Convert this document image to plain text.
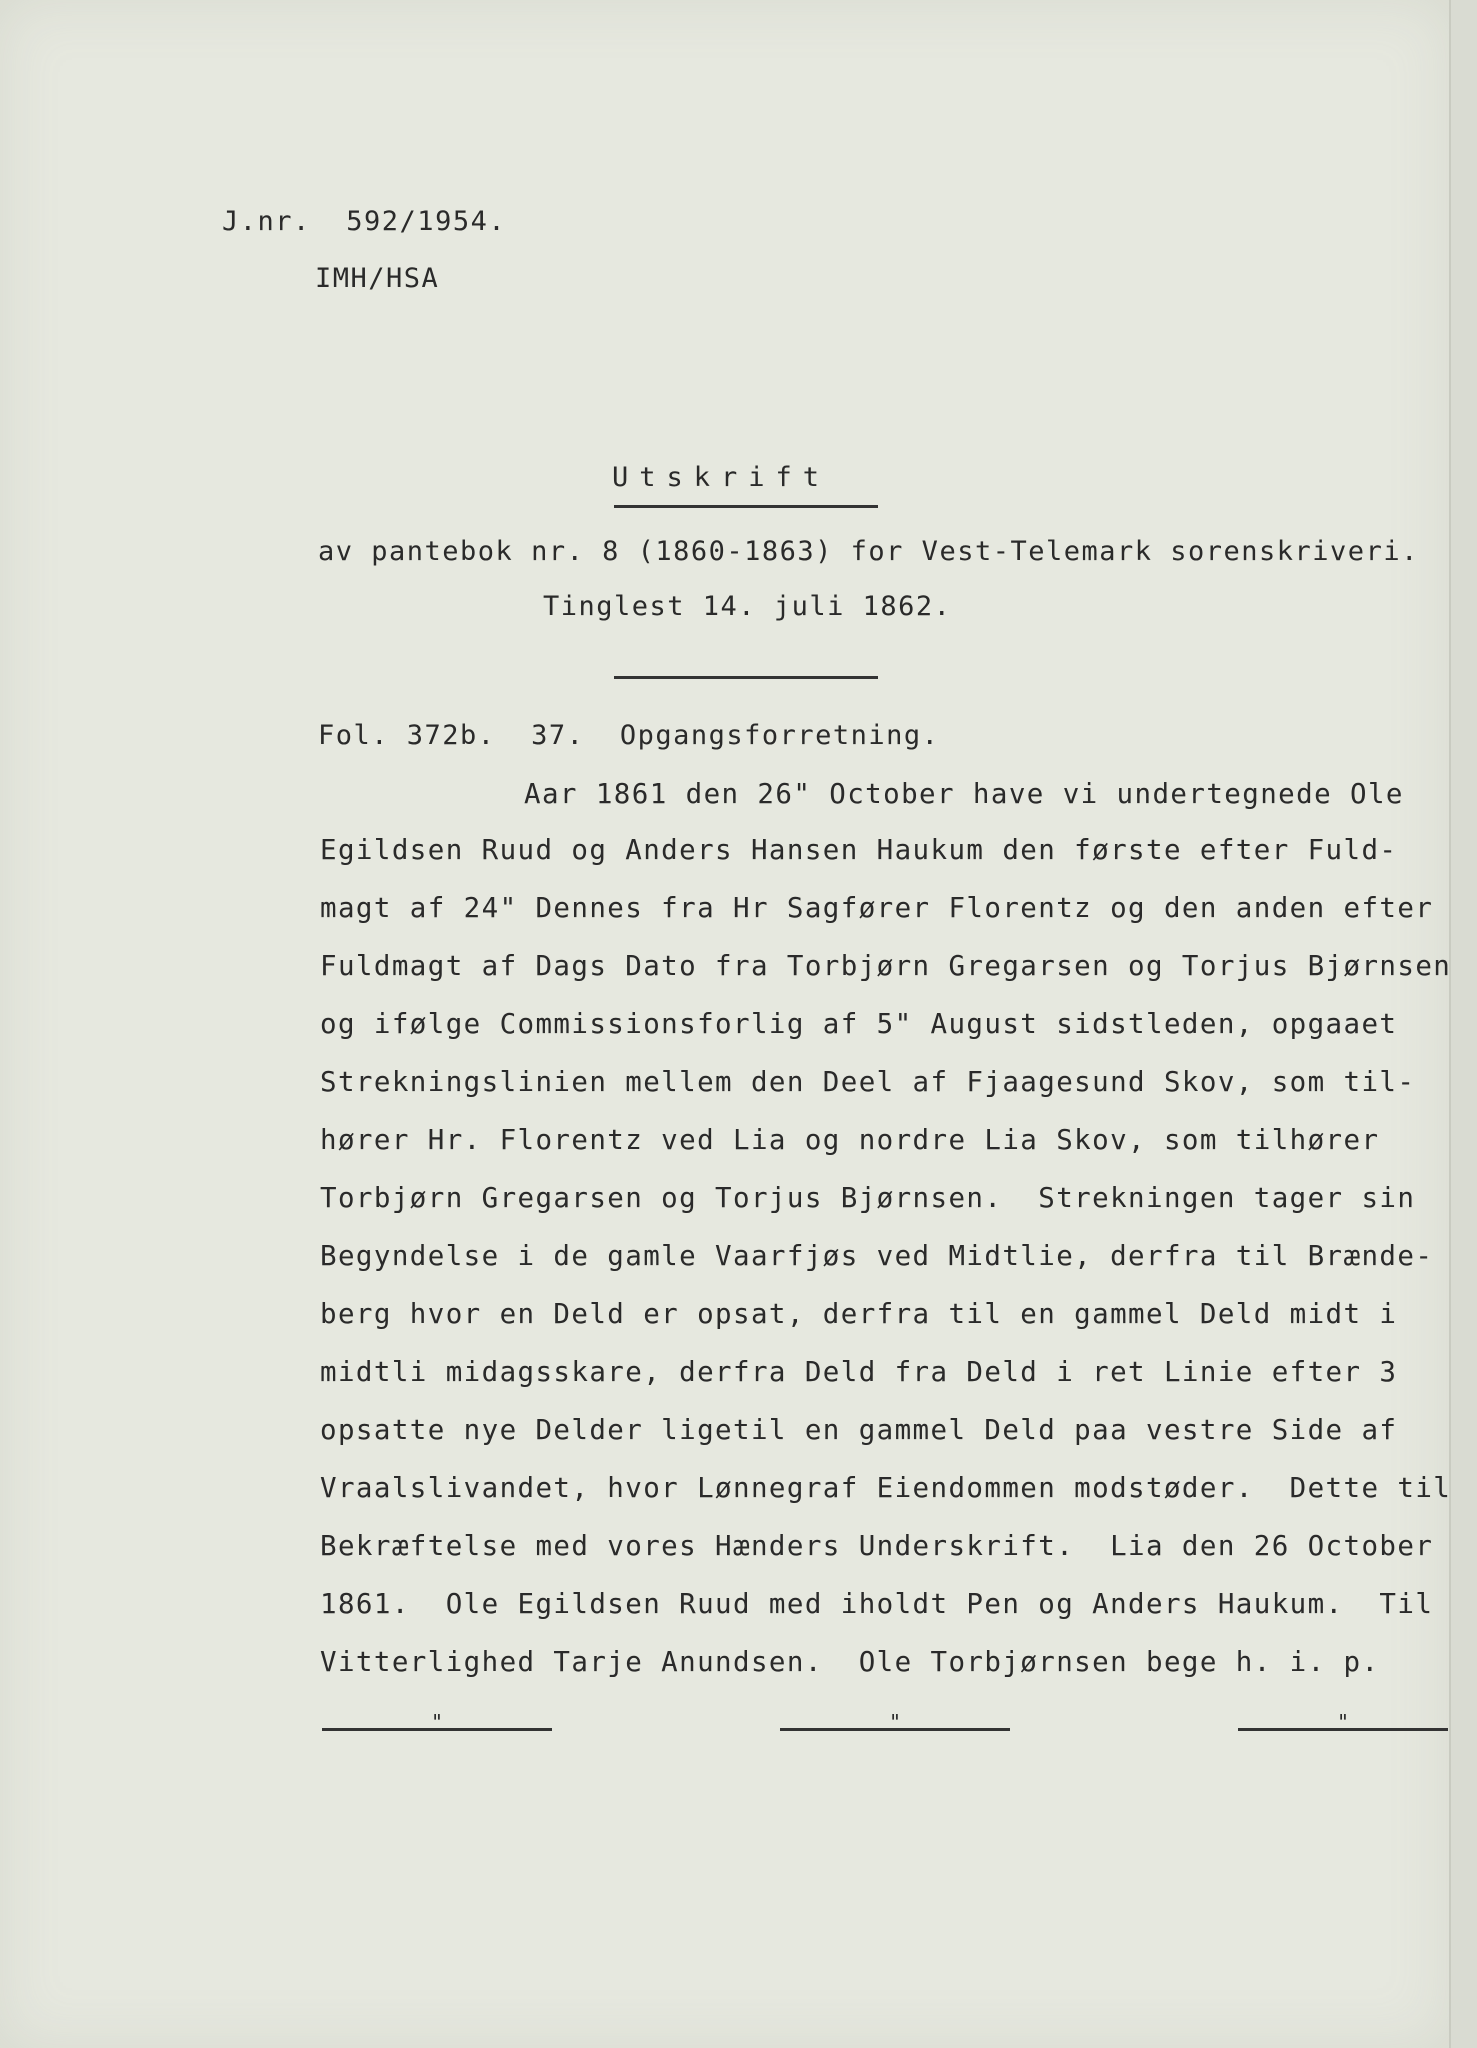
J.nr.  592/1954.
IMH/HSA
Utskrift
av pantebok nr. 8 (1860-1863) for Vest-Telemark sorenskriveri.
Tinglest 14. juli 1862.
Fol. 372b.  37.  Opgangsforretning.
Aar 1861 den 26" October have vi undertegnede Ole
Egildsen Ruud og Anders Hansen Haukum den første efter Fuld-
magt af 24" Dennes fra Hr Sagfører Florentz og den anden efter
Fuldmagt af Dags Dato fra Torbjørn Gregarsen og Torjus Bjørnsen
og ifølge Commissionsforlig af 5" August sidstleden, opgaaet
Strekningslinien mellem den Deel af Fjaagesund Skov, som til-
hører Hr. Florentz ved Lia og nordre Lia Skov, som tilhører
Torbjørn Gregarsen og Torjus Bjørnsen.  Strekningen tager sin
Begyndelse i de gamle Vaarfjøs ved Midtlie, derfra til Brænde-
berg hvor en Deld er opsat, derfra til en gammel Deld midt i
midtli midagsskare, derfra Deld fra Deld i ret Linie efter 3
opsatte nye Delder ligetil en gammel Deld paa vestre Side af
Vraalslivandet, hvor Lønnegraf Eiendommen modstøder.  Dette til
Bekræftelse med vores Hænders Underskrift.  Lia den 26 October
1861.  Ole Egildsen Ruud med iholdt Pen og Anders Haukum.  Til
Vitterlighed Tarje Anundsen.  Ole Torbjørnsen bege h. i. p.
"	"	"
